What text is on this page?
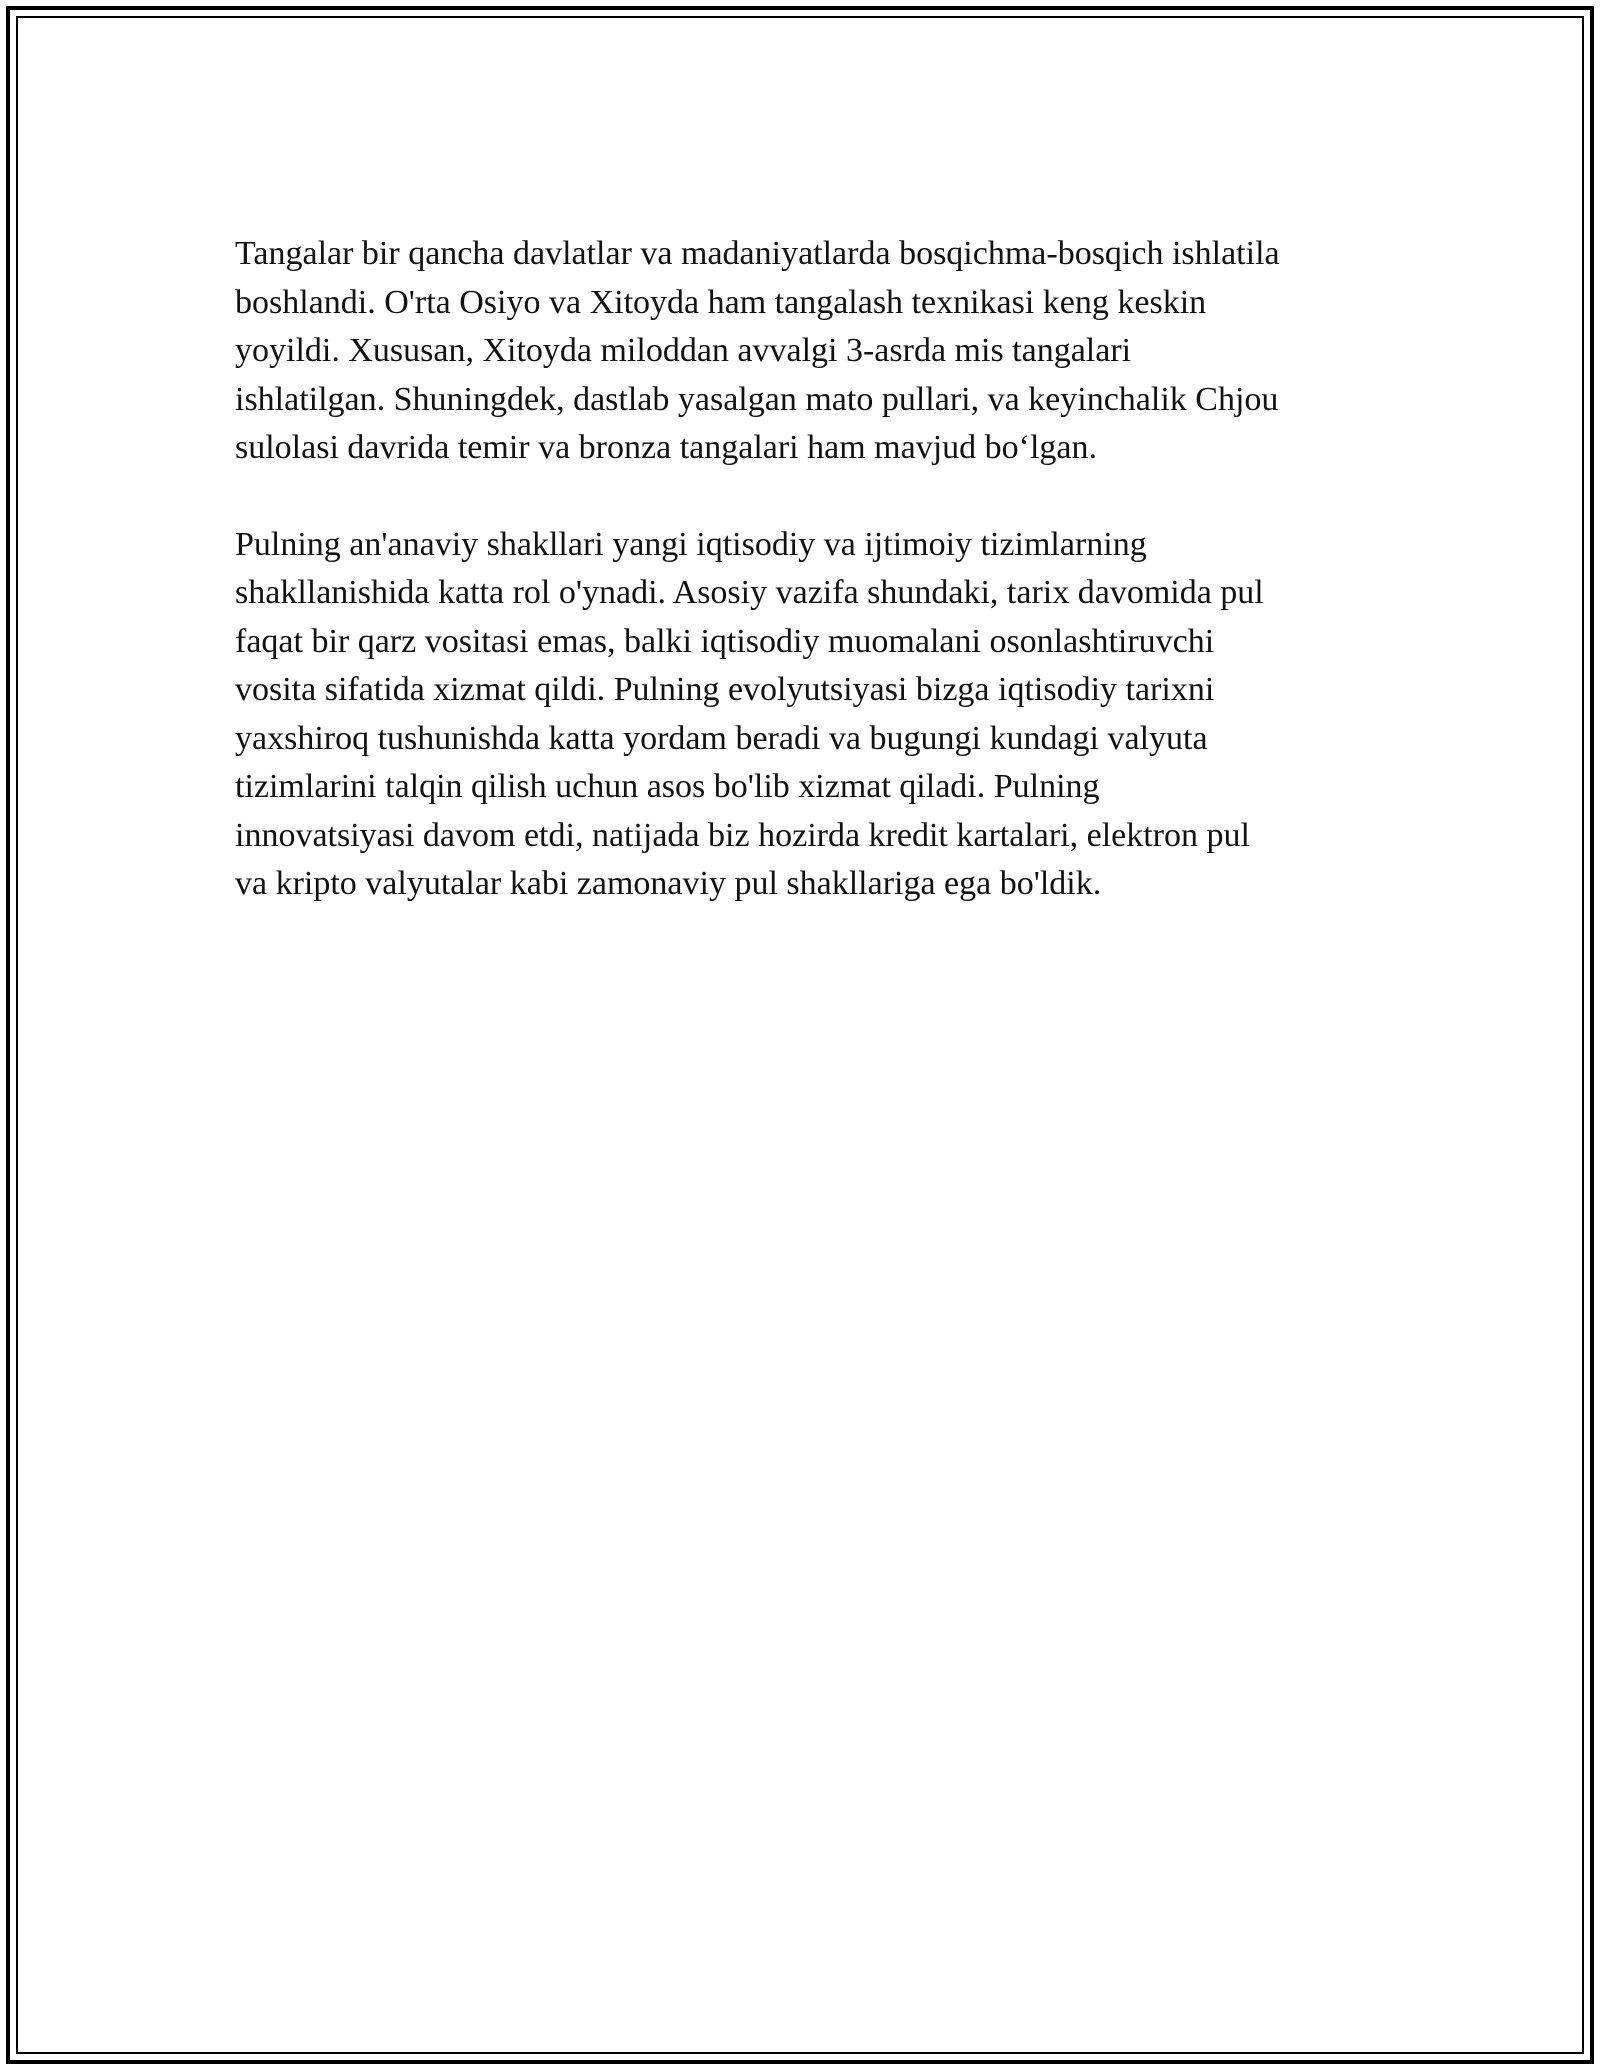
Tangalar bir qancha davlatlar va madaniyatlarda bosqichma-bosqich ishlatila
boshlandi. O'rta Osiyo va Xitoyda ham tangalash texnikasi keng keskin
yoyildi. Xususan, Xitoyda miloddan avvalgi 3-asrda mis tangalari
ishlatilgan. Shuningdek, dastlab yasalgan mato pullari, va keyinchalik Chjou
sulolasi davrida temir va bronza tangalari ham mavjud bo‘lgan.

Pulning an'anaviy shakllari yangi iqtisodiy va ijtimoiy tizimlarning
shakllanishida katta rol o'ynadi. Asosiy vazifa shundaki, tarix davomida pul
faqat bir qarz vositasi emas, balki iqtisodiy muomalani osonlashtiruvchi
vosita sifatida xizmat qildi. Pulning evolyutsiyasi bizga iqtisodiy tarixni
yaxshiroq tushunishda katta yordam beradi va bugungi kundagi valyuta
tizimlarini talqin qilish uchun asos bo'lib xizmat qiladi. Pulning
innovatsiyasi davom etdi, natijada biz hozirda kredit kartalari, elektron pul
va kripto valyutalar kabi zamonaviy pul shakllariga ega bo'ldik.
